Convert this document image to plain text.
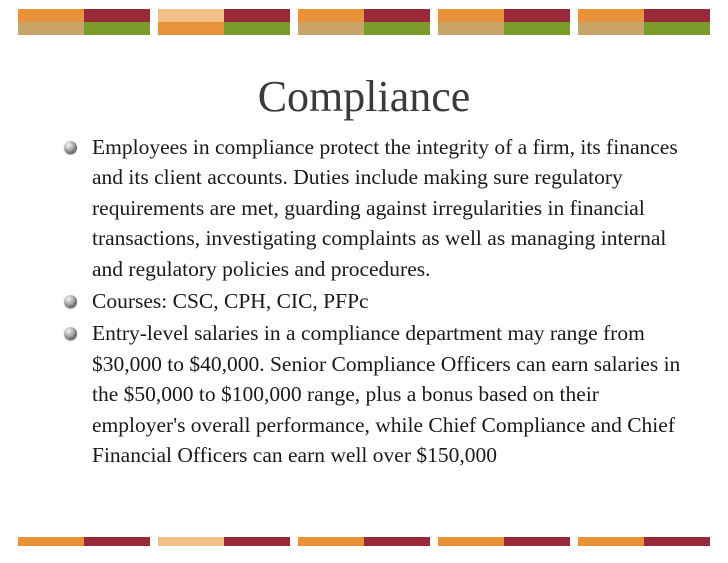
Compliance
Employees in compliance protect the integrity of a firm, its finances and its client accounts. Duties include making sure regulatory requirements are met, guarding against irregularities in financial transactions, investigating complaints as well as managing internal and regulatory policies and procedures.
Courses: CSC, CPH, CIC, PFPc
Entry-level salaries in a compliance department may range from $30,000 to $40,000. Senior Compliance Officers can earn salaries in the $50,000 to $100,000 range, plus a bonus based on their employer's overall performance, while Chief Compliance and Chief Financial Officers can earn well over $150,000
